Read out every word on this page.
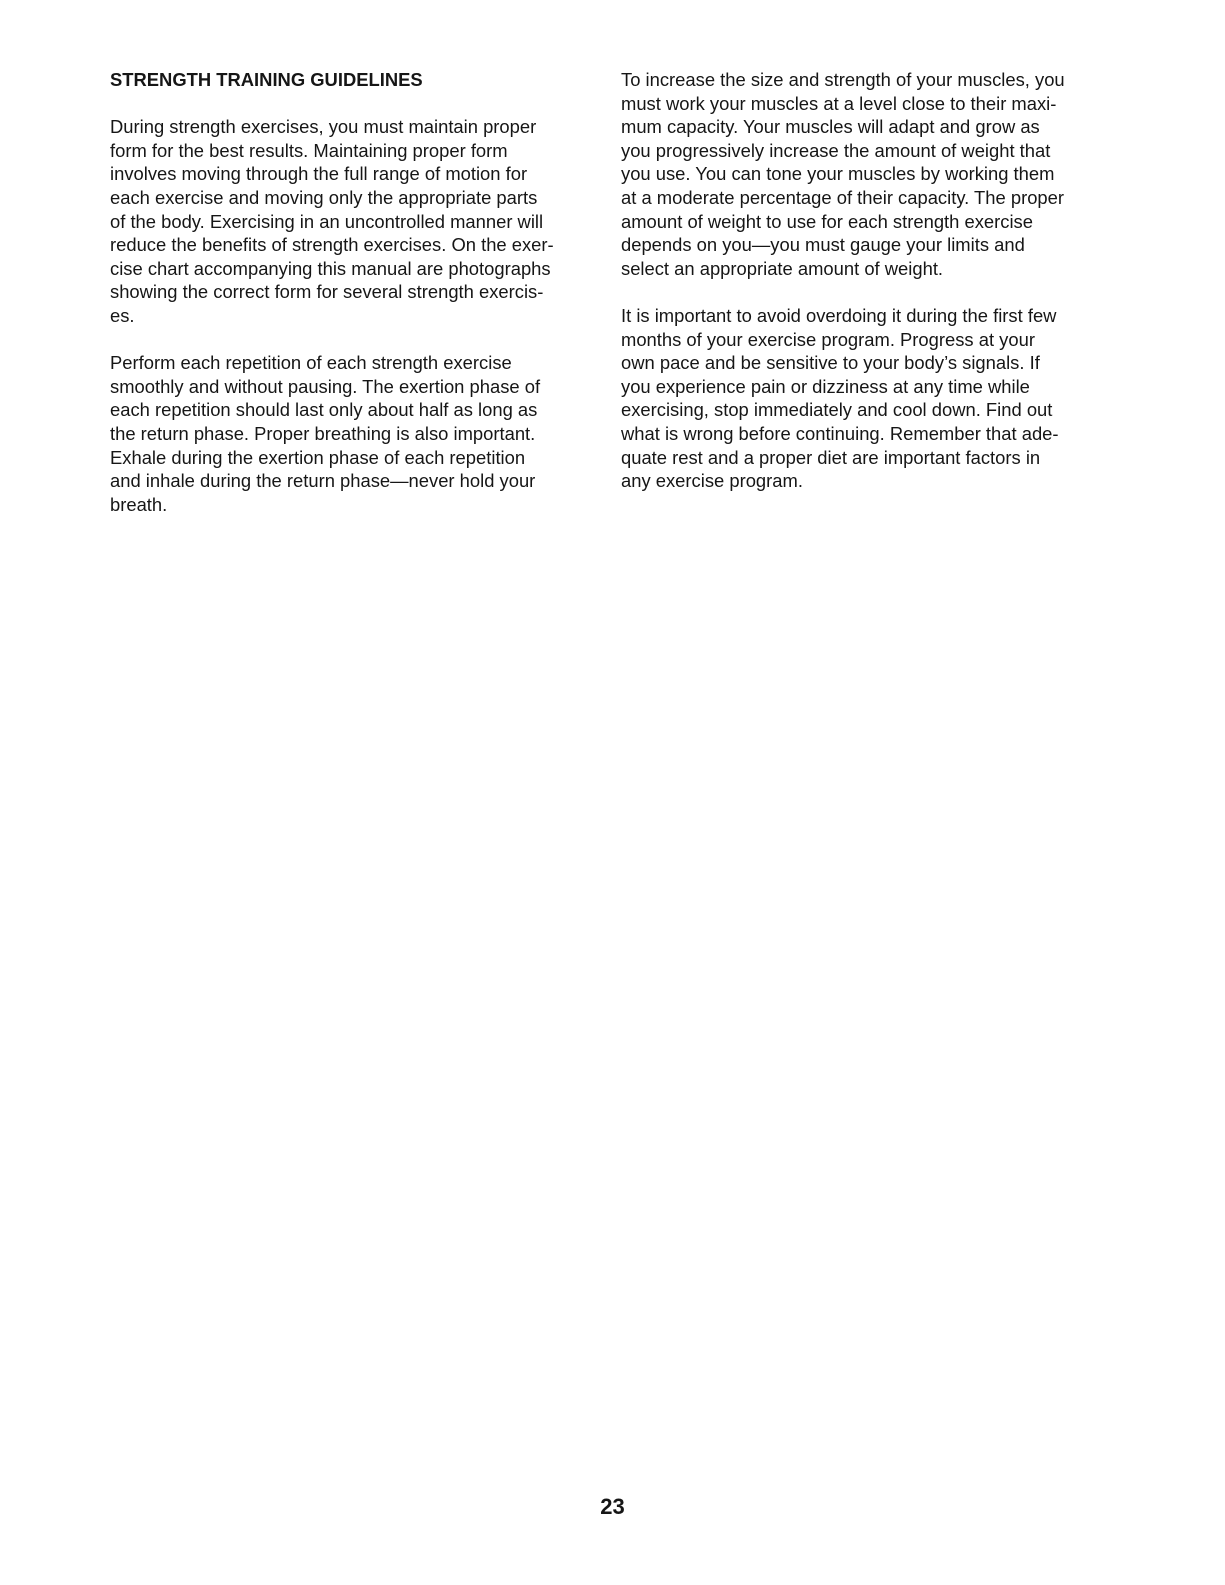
STRENGTH TRAINING GUIDELINES
During strength exercises, you must maintain proper
form for the best results. Maintaining proper form
involves moving through the full range of motion for
each exercise and moving only the appropriate parts
of the body. Exercising in an uncontrolled manner will
reduce the benefits of strength exercises. On the exer-
cise chart accompanying this manual are photographs
showing the correct form for several strength exercis-
es.
Perform each repetition of each strength exercise
smoothly and without pausing. The exertion phase of
each repetition should last only about half as long as
the return phase. Proper breathing is also important.
Exhale during the exertion phase of each repetition
and inhale during the return phase—never hold your
breath.
To increase the size and strength of your muscles, you
must work your muscles at a level close to their maxi-
mum capacity. Your muscles will adapt and grow as
you progressively increase the amount of weight that
you use. You can tone your muscles by working them
at a moderate percentage of their capacity. The proper
amount of weight to use for each strength exercise
depends on you—you must gauge your limits and
select an appropriate amount of weight.
It is important to avoid overdoing it during the first few
months of your exercise program. Progress at your
own pace and be sensitive to your body’s signals. If
you experience pain or dizziness at any time while
exercising, stop immediately and cool down. Find out
what is wrong before continuing. Remember that ade-
quate rest and a proper diet are important factors in
any exercise program.
23
